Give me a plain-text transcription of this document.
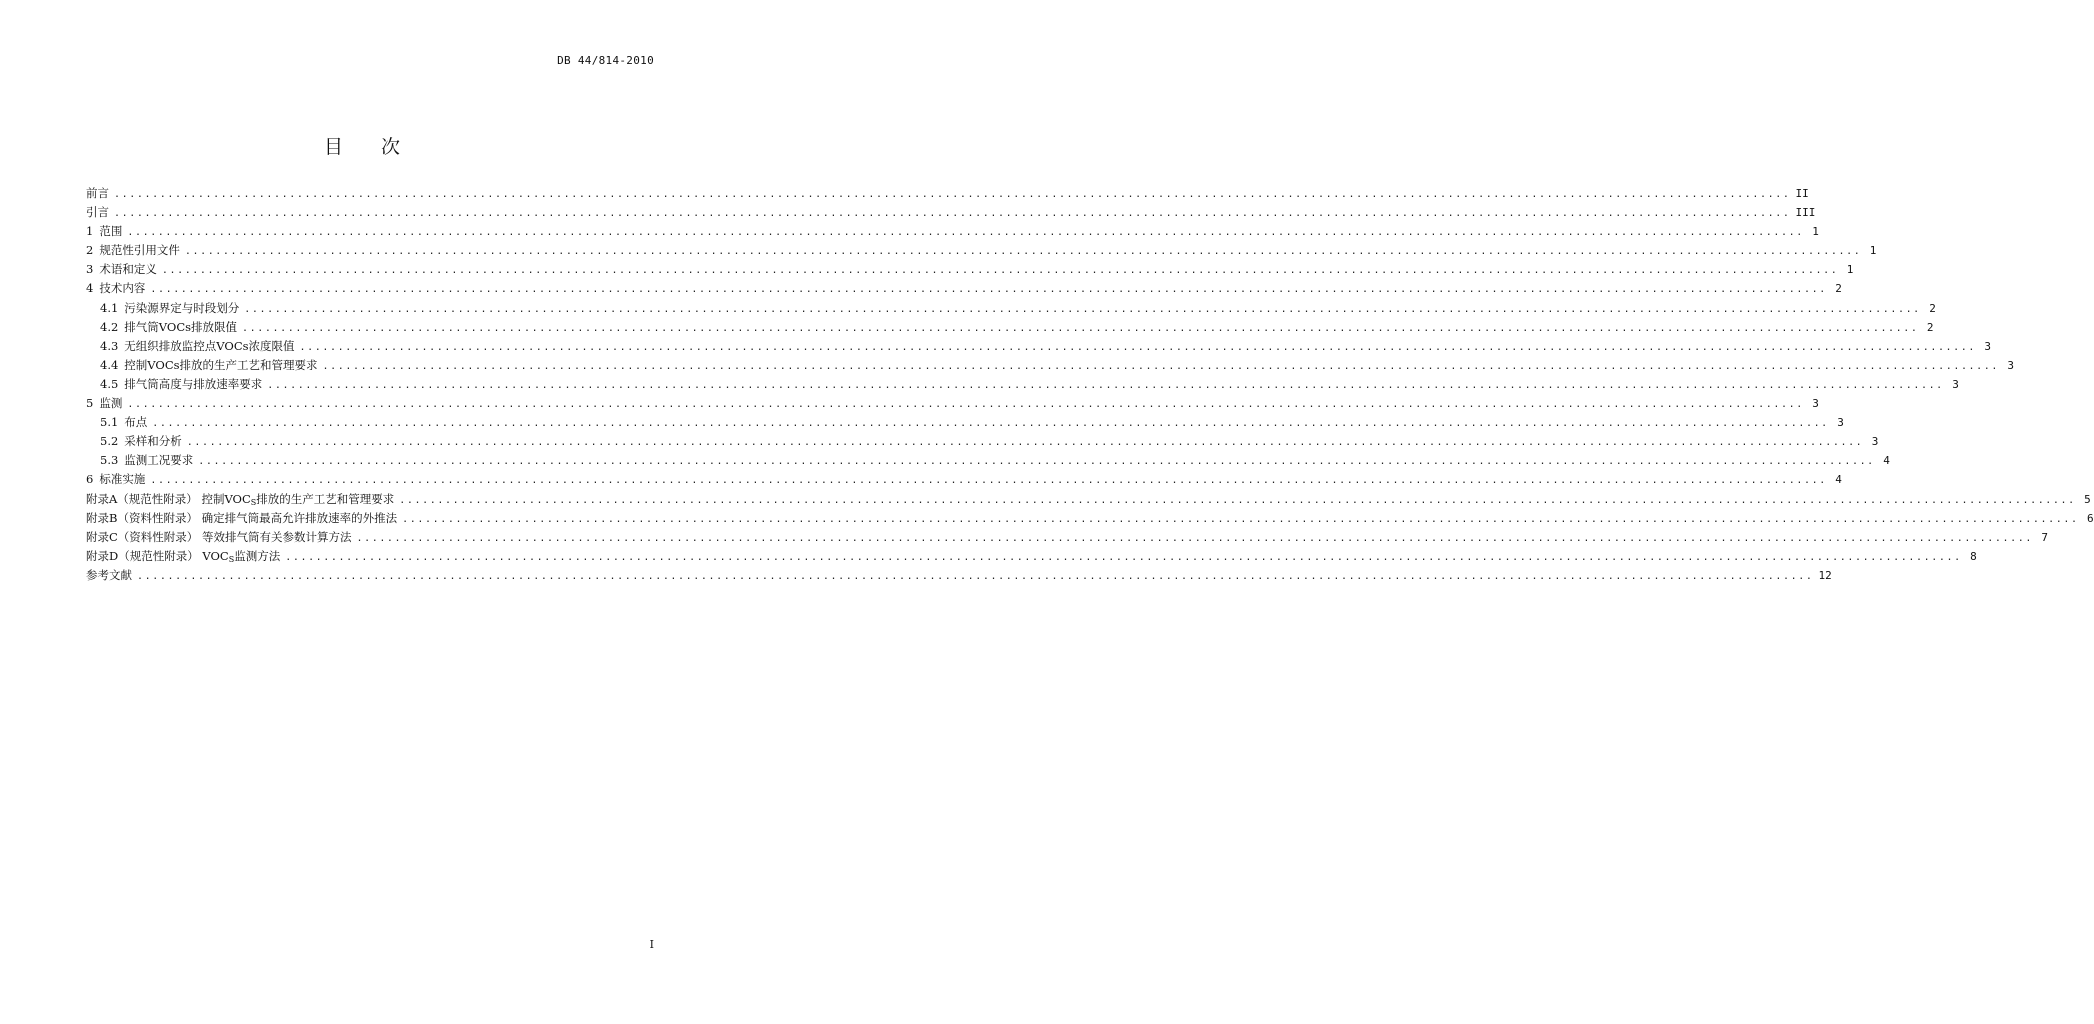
DB 44/814-2010
目 次
前言 ............................................................................................................................................................................................................................ II
引言 ............................................................................................................................................................................................................................ III
1 范围 ............................................................................................................................................................................................................................ 1
2 规范性引用文件 ............................................................................................................................................................................................................................ 1
3 术语和定义 ............................................................................................................................................................................................................................ 1
4 技术内容 ............................................................................................................................................................................................................................ 2
4.1 污染源界定与时段划分 ............................................................................................................................................................................................................................ 2
4.2 排气筒VOCs排放限值 ............................................................................................................................................................................................................................ 2
4.3 无组织排放监控点VOCs浓度限值 ............................................................................................................................................................................................................................ 3
4.4 控制VOCs排放的生产工艺和管理要求 ............................................................................................................................................................................................................................ 3
4.5 排气筒高度与排放速率要求 ............................................................................................................................................................................................................................ 3
5 监测 ............................................................................................................................................................................................................................ 3
5.1 布点 ............................................................................................................................................................................................................................ 3
5.2 采样和分析 ............................................................................................................................................................................................................................ 3
5.3 监测工况要求 ............................................................................................................................................................................................................................ 4
6 标准实施 ............................................................................................................................................................................................................................ 4
附录A（规范性附录） 控制$VOC_S$排放的生产工艺和管理要求 ............................................................................................................................................................................................................................ 5
附录B（资料性附录） 确定排气筒最高允许排放速率的外推法 ............................................................................................................................................................................................................................ 6
附录C（资料性附录） 等效排气筒有关参数计算方法 ............................................................................................................................................................................................................................ 7
附录D（规范性附录） $VOC_S$监测方法 ............................................................................................................................................................................................................................ 8
参考文献 ............................................................................................................................................................................................................................ 12
I
